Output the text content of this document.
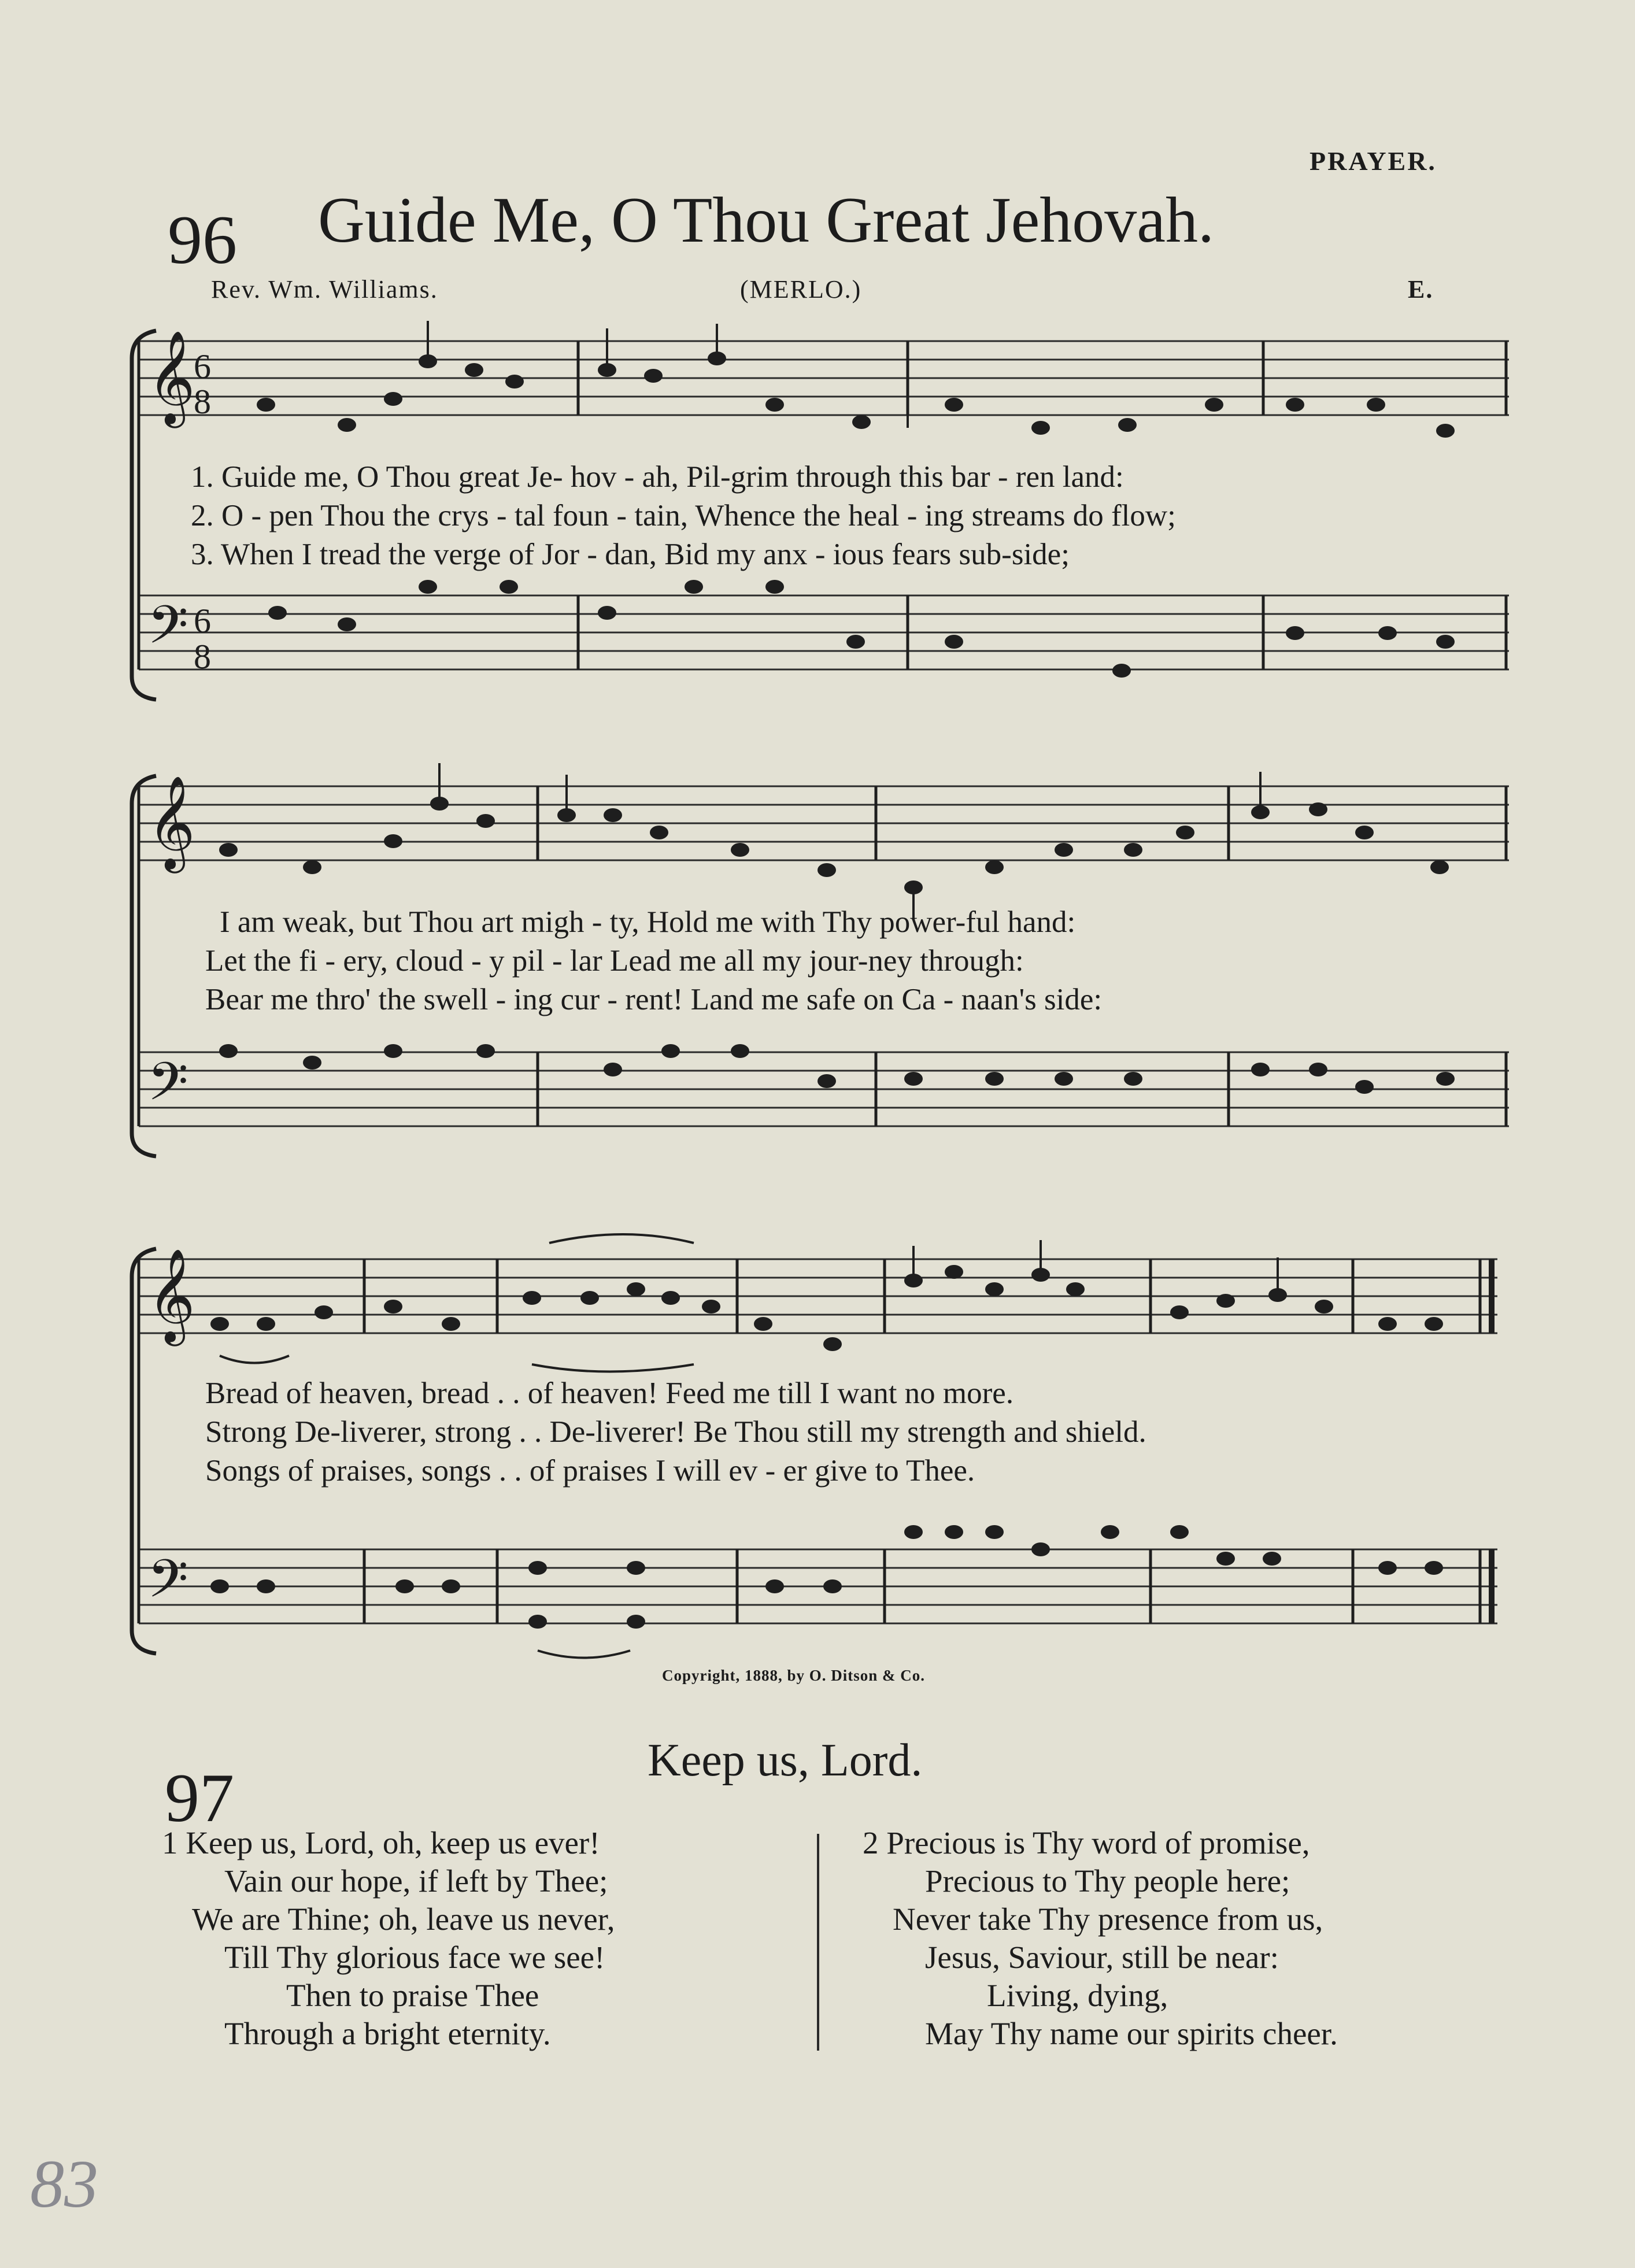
PRAYER.
96 Guide Me, O Thou Great Jehovah.
Rev. Wm. Williams.	(MERLO.)	E.
𝄞
𝄢
6
8
6
8
1. Guide me, O Thou great Je- hov - ah, Pil-grim through this bar - ren land:
2. O - pen Thou the crys - tal foun - tain, Whence the heal - ing streams do flow;
3. When I tread the verge of Jor - dan, Bid my anx - ious fears sub-side;
𝄞
𝄢
I am weak, but Thou art migh - ty, Hold me with Thy power-ful hand:
Let the fi - ery, cloud - y pil - lar Lead me all my jour-ney through:
Bear me thro' the swell - ing cur - rent! Land me safe on Ca - naan's side:
𝄞
𝄢
Bread of heaven, bread . . of heaven! Feed me till I want no more.
Strong De-liverer, strong . . De-liverer! Be Thou still my strength and shield.
Songs of praises, songs . . of praises I will ev - er give to Thee.
Copyright, 1888, by O. Ditson & Co.
97	Keep us, Lord.
1 Keep us, Lord, oh, keep us ever!
Vain our hope, if left by Thee;
We are Thine; oh, leave us never,
Till Thy glorious face we see!
Then to praise Thee
Through a bright eternity.
2 Precious is Thy word of promise,
Precious to Thy people here;
Never take Thy presence from us,
Jesus, Saviour, still be near:
Living, dying,
May Thy name our spirits cheer.
83
